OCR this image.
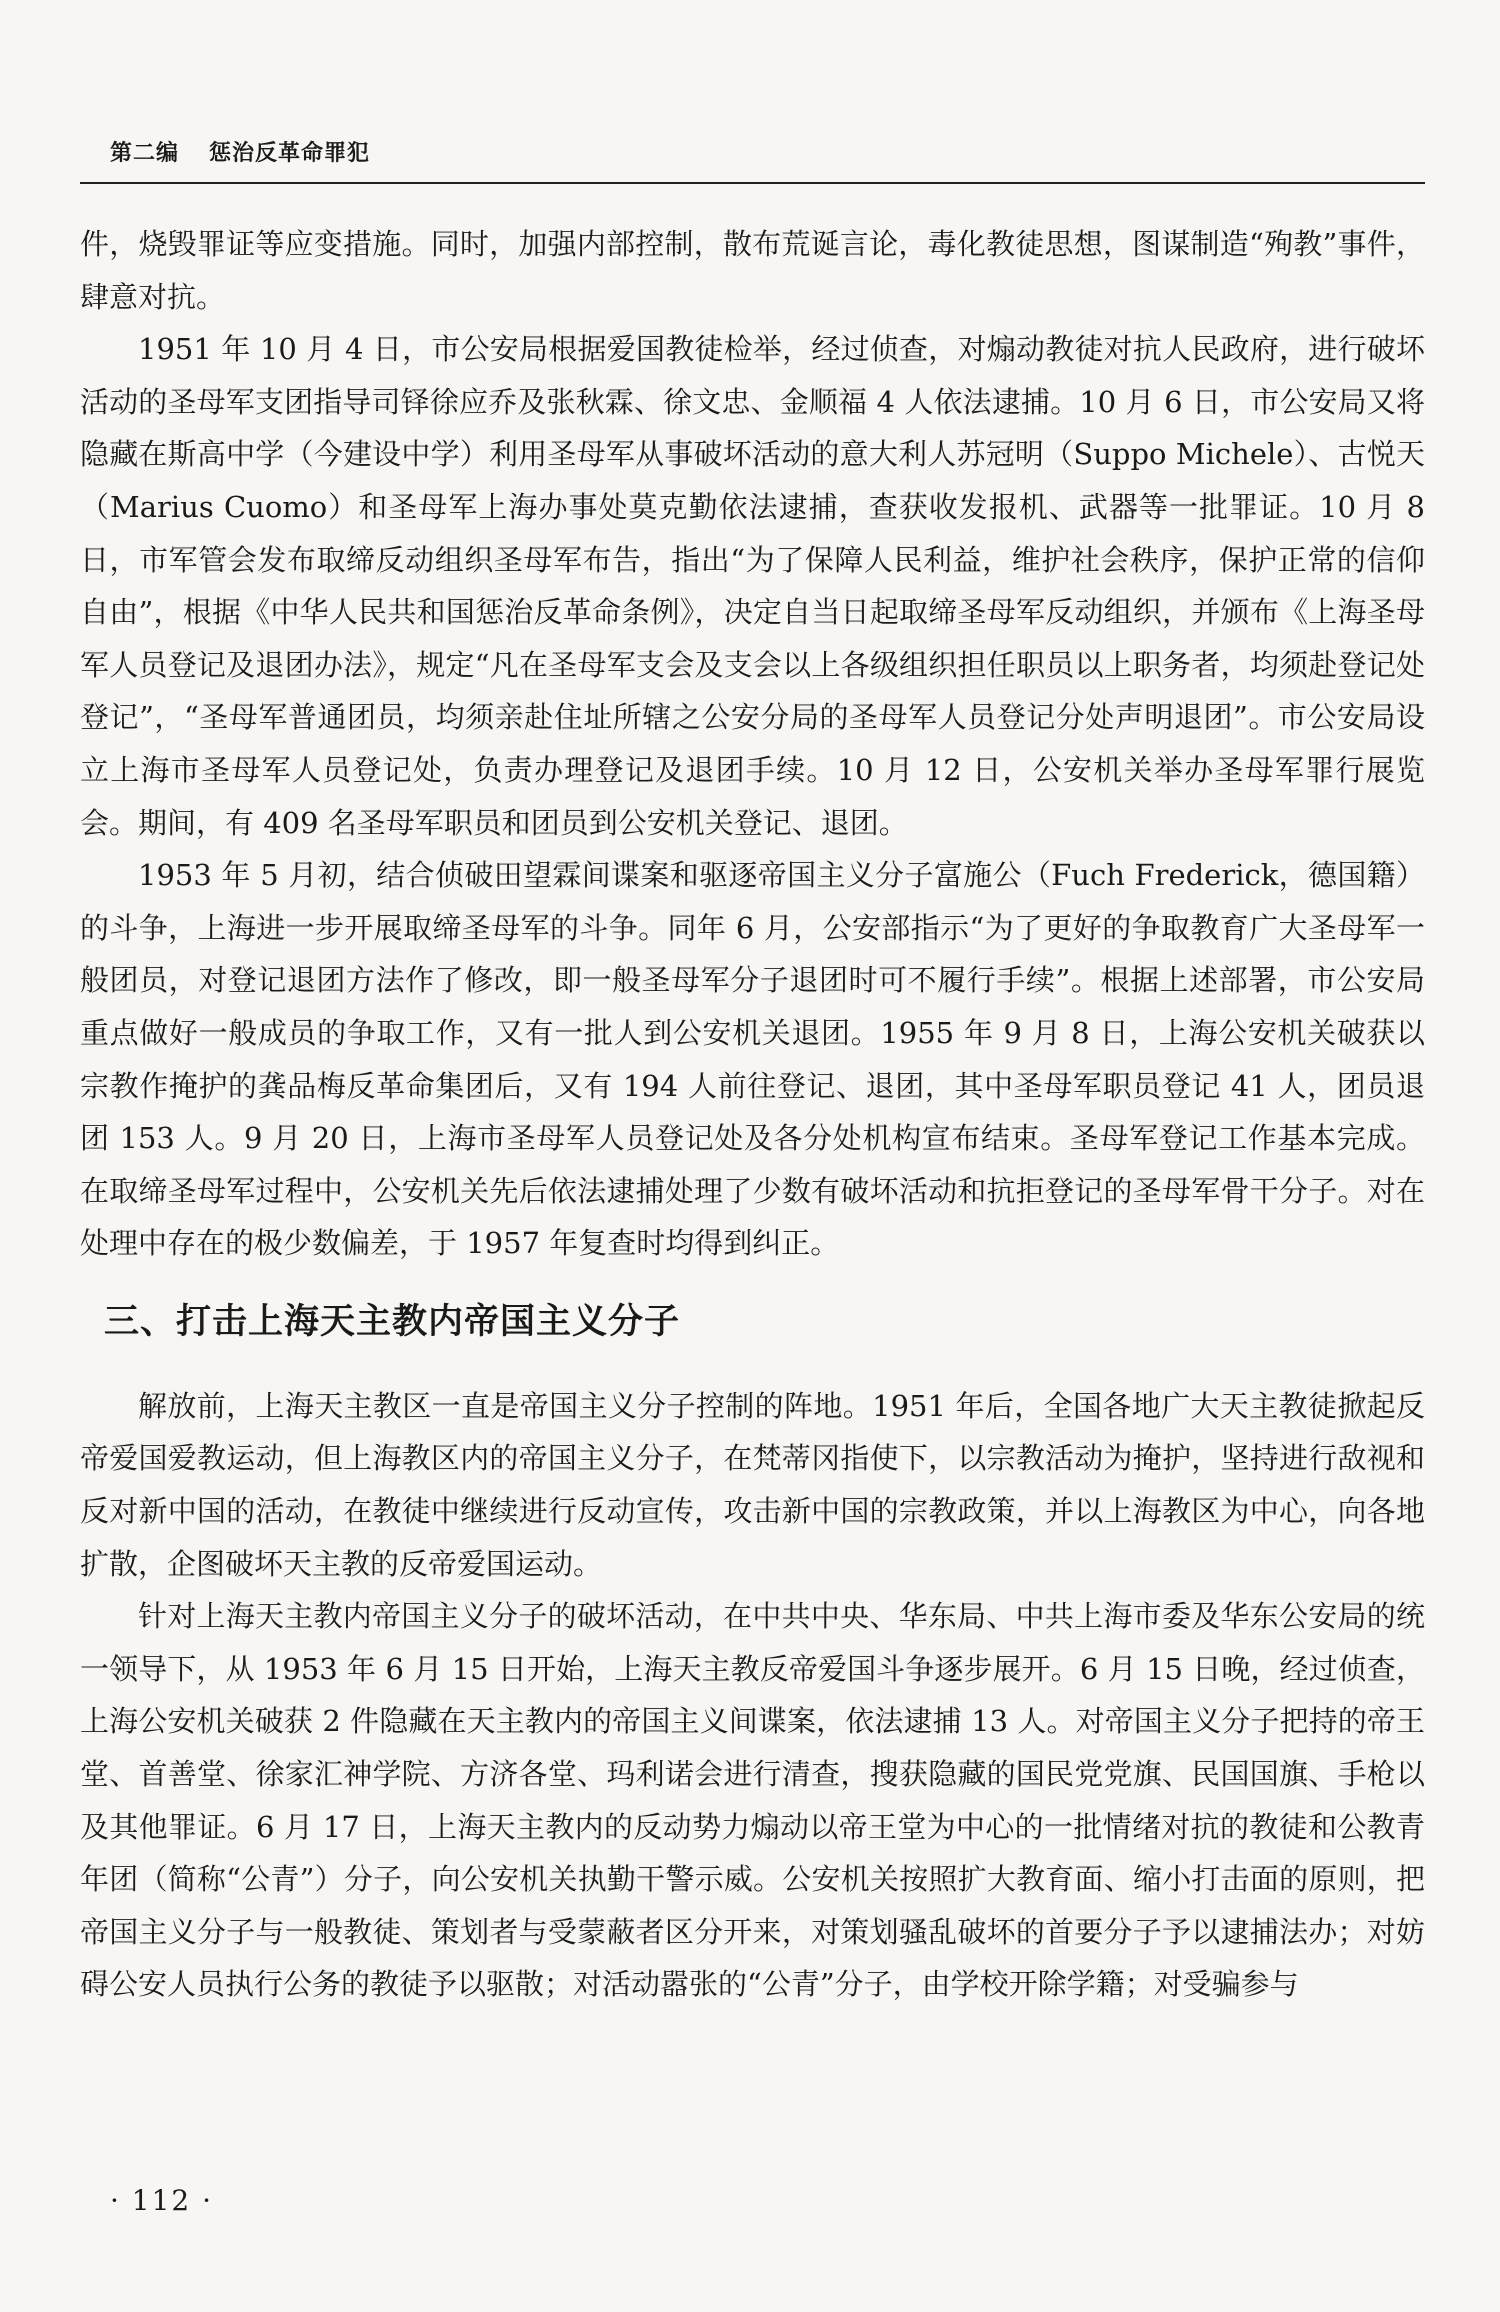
第二编 惩治反革命罪犯

件，烧毁罪证等应变措施。同时，加强内部控制，散布荒诞言论，毒化教徒思想，图谋制造“殉教”事件，肆意对抗。

1951 年 10 月 4 日，市公安局根据爱国教徒检举，经过侦查，对煽动教徒对抗人民政府，进行破坏活动的圣母军支团指导司铎徐应乔及张秋霖、徐文忠、金顺福 4 人依法逮捕。10 月 6 日，市公安局又将隐藏在斯高中学（今建设中学）利用圣母军从事破坏活动的意大利人苏冠明（Suppo Michele）、古悦天（Marius Cuomo）和圣母军上海办事处莫克勤依法逮捕，查获收发报机、武器等一批罪证。10 月 8 日，市军管会发布取缔反动组织圣母军布告，指出“为了保障人民利益，维护社会秩序，保护正常的信仰自由”，根据《中华人民共和国惩治反革命条例》，决定自当日起取缔圣母军反动组织，并颁布《上海圣母军人员登记及退团办法》，规定“凡在圣母军支会及支会以上各级组织担任职员以上职务者，均须赴登记处登记”，“圣母军普通团员，均须亲赴住址所辖之公安分局的圣母军人员登记分处声明退团”。市公安局设立上海市圣母军人员登记处，负责办理登记及退团手续。10 月 12 日，公安机关举办圣母军罪行展览会。期间，有 409 名圣母军职员和团员到公安机关登记、退团。

1953 年 5 月初，结合侦破田望霖间谍案和驱逐帝国主义分子富施公（Fuch Frederick，德国籍）的斗争，上海进一步开展取缔圣母军的斗争。同年 6 月，公安部指示“为了更好的争取教育广大圣母军一般团员，对登记退团方法作了修改，即一般圣母军分子退团时可不履行手续”。根据上述部署，市公安局重点做好一般成员的争取工作，又有一批人到公安机关退团。1955 年 9 月 8 日，上海公安机关破获以宗教作掩护的龚品梅反革命集团后，又有 194 人前往登记、退团，其中圣母军职员登记 41 人，团员退团 153 人。9 月 20 日，上海市圣母军人员登记处及各分处机构宣布结束。圣母军登记工作基本完成。在取缔圣母军过程中，公安机关先后依法逮捕处理了少数有破坏活动和抗拒登记的圣母军骨干分子。对在处理中存在的极少数偏差，于 1957 年复查时均得到纠正。

三、打击上海天主教内帝国主义分子

解放前，上海天主教区一直是帝国主义分子控制的阵地。1951 年后，全国各地广大天主教徒掀起反帝爱国爱教运动，但上海教区内的帝国主义分子，在梵蒂冈指使下，以宗教活动为掩护，坚持进行敌视和反对新中国的活动，在教徒中继续进行反动宣传，攻击新中国的宗教政策，并以上海教区为中心，向各地扩散，企图破坏天主教的反帝爱国运动。

针对上海天主教内帝国主义分子的破坏活动，在中共中央、华东局、中共上海市委及华东公安局的统一领导下，从 1953 年 6 月 15 日开始，上海天主教反帝爱国斗争逐步展开。6 月 15 日晚，经过侦查，上海公安机关破获 2 件隐藏在天主教内的帝国主义间谍案，依法逮捕 13 人。对帝国主义分子把持的帝王堂、首善堂、徐家汇神学院、方济各堂、玛利诺会进行清查，搜获隐藏的国民党党旗、民国国旗、手枪以及其他罪证。6 月 17 日，上海天主教内的反动势力煽动以帝王堂为中心的一批情绪对抗的教徒和公教青年团（简称“公青”）分子，向公安机关执勤干警示威。公安机关按照扩大教育面、缩小打击面的原则，把帝国主义分子与一般教徒、策划者与受蒙蔽者区分开来，对策划骚乱破坏的首要分子予以逮捕法办；对妨碍公安人员执行公务的教徒予以驱散；对活动嚣张的“公青”分子，由学校开除学籍；对受骗参与

· 112 ·
